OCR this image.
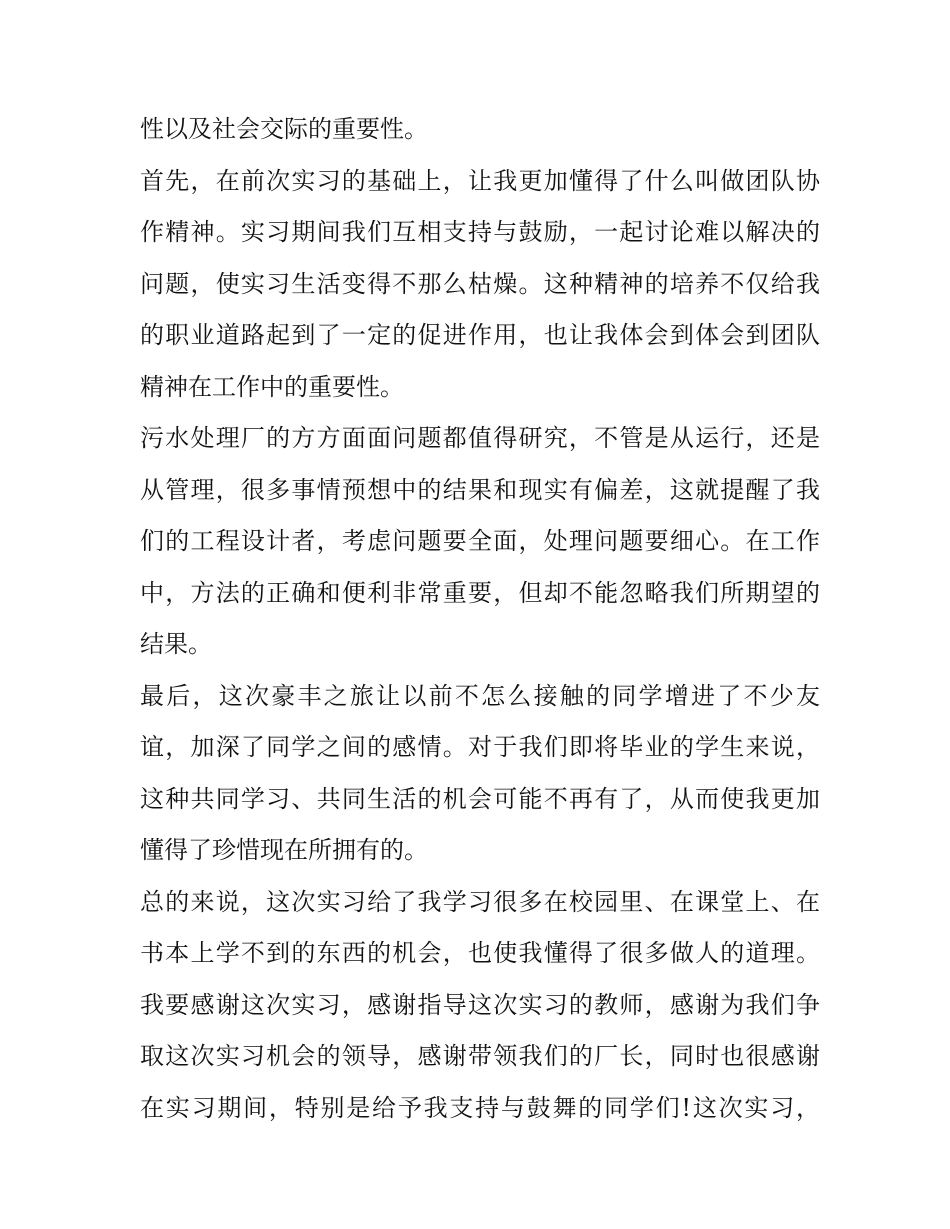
性以及社会交际的重要性。
首先，在前次实习的基础上，让我更加懂得了什么叫做团队协
作精神。实习期间我们互相支持与鼓励，一起讨论难以解决的
问题，使实习生活变得不那么枯燥。这种精神的培养不仅给我
的职业道路起到了一定的促进作用，也让我体会到体会到团队
精神在工作中的重要性。
污水处理厂的方方面面问题都值得研究，不管是从运行，还是
从管理，很多事情预想中的结果和现实有偏差，这就提醒了我
们的工程设计者，考虑问题要全面，处理问题要细心。在工作
中，方法的正确和便利非常重要，但却不能忽略我们所期望的
结果。
最后，这次豪丰之旅让以前不怎么接触的同学增进了不少友
谊，加深了同学之间的感情。对于我们即将毕业的学生来说，
这种共同学习、共同生活的机会可能不再有了，从而使我更加
懂得了珍惜现在所拥有的。
总的来说，这次实习给了我学习很多在校园里、在课堂上、在
书本上学不到的东西的机会，也使我懂得了很多做人的道理。
我要感谢这次实习，感谢指导这次实习的教师，感谢为我们争
取这次实习机会的领导，感谢带领我们的厂长，同时也很感谢
在实习期间，特别是给予我支持与鼓舞的同学们!这次实习，
